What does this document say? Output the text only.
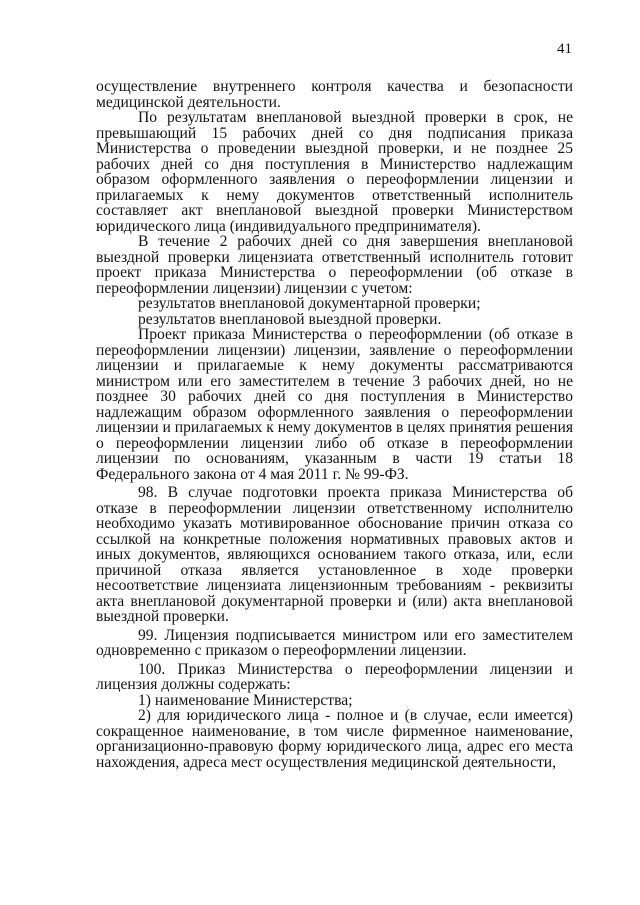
41

осуществление внутреннего контроля качества и безопасности медицинской деятельности.

По результатам внеплановой выездной проверки в срок, не превышающий 15 рабочих дней со дня подписания приказа Министерства о проведении выездной проверки, и не позднее 25 рабочих дней со дня поступления в Министерство надлежащим образом оформленного заявления о переоформлении лицензии и прилагаемых к нему документов ответственный исполнитель составляет акт внеплановой выездной проверки Министерством юридического лица (индивидуального предпринимателя).

В течение 2 рабочих дней со дня завершения внеплановой выездной проверки лицензиата ответственный исполнитель готовит проект приказа Министерства о переоформлении (об отказе в переоформлении лицензии) лицензии с учетом:

результатов внеплановой документарной проверки;

результатов внеплановой выездной проверки.

Проект приказа Министерства о переоформлении (об отказе в переоформлении лицензии) лицензии, заявление о переоформлении лицензии и прилагаемые к нему документы рассматриваются министром или его заместителем в течение 3 рабочих дней, но не позднее 30 рабочих дней со дня поступления в Министерство надлежащим образом оформленного заявления о переоформлении лицензии и прилагаемых к нему документов в целях принятия решения о переоформлении лицензии либо об отказе в переоформлении лицензии по основаниям, указанным в части 19 статьи 18 Федерального закона от 4 мая 2011 г. № 99-ФЗ.

98. В случае подготовки проекта приказа Министерства об отказе в переоформлении лицензии ответственному исполнителю необходимо указать мотивированное обоснование причин отказа со ссылкой на конкретные положения нормативных правовых актов и иных документов, являющихся основанием такого отказа, или, если причиной отказа является установленное в ходе проверки несоответствие лицензиата лицензионным требованиям - реквизиты акта внеплановой документарной проверки и (или) акта внеплановой выездной проверки.

99. Лицензия подписывается министром или его заместителем одновременно с приказом о переоформлении лицензии.

100. Приказ Министерства о переоформлении лицензии и лицензия должны содержать:

1) наименование Министерства;

2) для юридического лица - полное и (в случае, если имеется) сокращенное наименование, в том числе фирменное наименование, организационно-правовую форму юридического лица, адрес его места нахождения, адреса мест осуществления медицинской деятельности,
